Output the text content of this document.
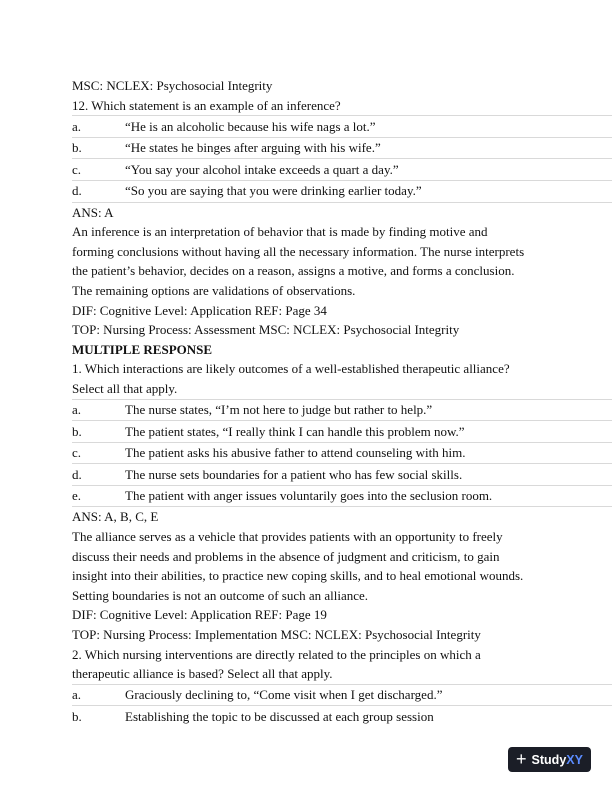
MSC: NCLEX: Psychosocial Integrity

12. Which statement is an example of an inference?

a.	“He is an alcoholic because his wife nags a lot.”
b.	“He states he binges after arguing with his wife.”
c.	“You say your alcohol intake exceeds a quart a day.”
d.	“So you are saying that you were drinking earlier today.”

ANS: A

An inference is an interpretation of behavior that is made by finding motive and forming conclusions without having all the necessary information. The nurse interprets the patient’s behavior, decides on a reason, assigns a motive, and forms a conclusion. The remaining options are validations of observations.

DIF: Cognitive Level: Application REF: Page 34

TOP: Nursing Process: Assessment MSC: NCLEX: Psychosocial Integrity

MULTIPLE RESPONSE

1. Which interactions are likely outcomes of a well-established therapeutic alliance? Select all that apply.

a.	The nurse states, “I’m not here to judge but rather to help.”
b.	The patient states, “I really think I can handle this problem now.”
c.	The patient asks his abusive father to attend counseling with him.
d.	The nurse sets boundaries for a patient who has few social skills.
e.	The patient with anger issues voluntarily goes into the seclusion room.

ANS: A, B, C, E

The alliance serves as a vehicle that provides patients with an opportunity to freely discuss their needs and problems in the absence of judgment and criticism, to gain insight into their abilities, to practice new coping skills, and to heal emotional wounds. Setting boundaries is not an outcome of such an alliance.

DIF: Cognitive Level: Application REF: Page 19

TOP: Nursing Process: Implementation MSC: NCLEX: Psychosocial Integrity

2. Which nursing interventions are directly related to the principles on which a therapeutic alliance is based? Select all that apply.

a.	Graciously declining to, “Come visit when I get discharged.”
b.	Establishing the topic to be discussed at each group session
+ Study XY
